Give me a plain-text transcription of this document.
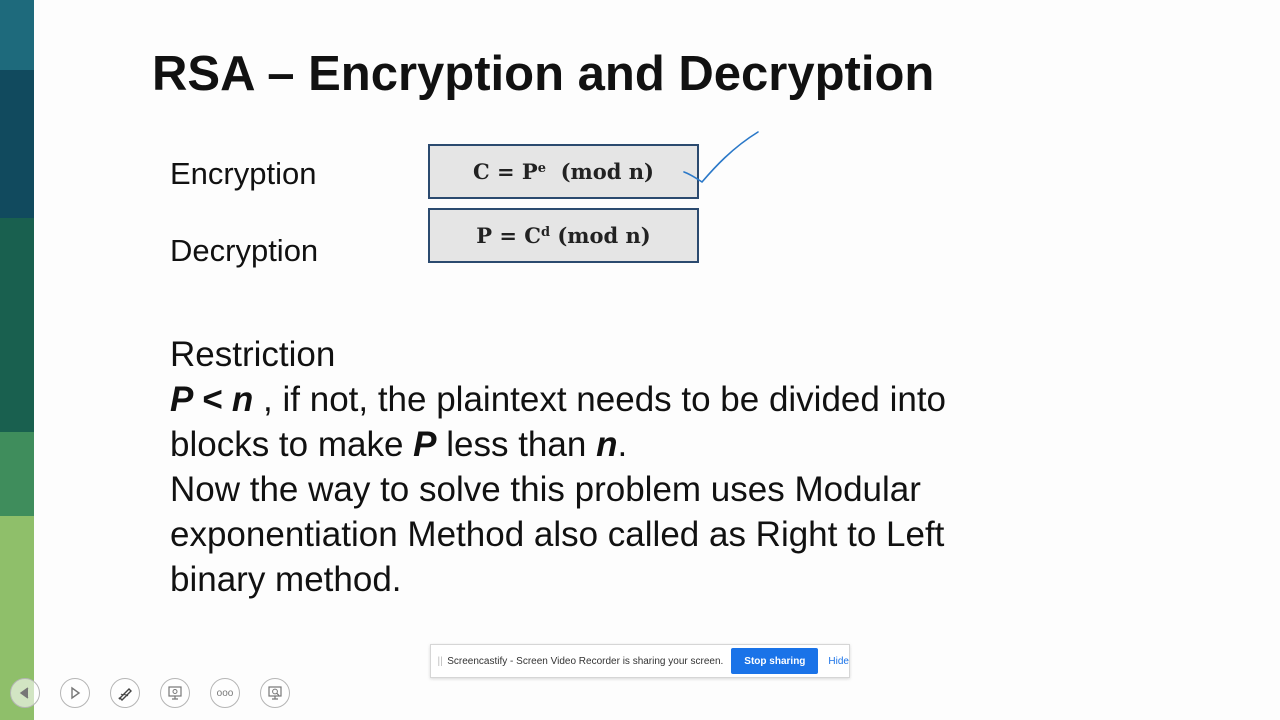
RSA – Encryption and Decryption
Encryption
Decryption
$C = P^e$
(mod n)
$P = C^d$
(mod n)
Restriction
P < n , if not, the plaintext needs to be divided into
blocks to make P less than n.
Now the way to solve this problem uses Modular
exponentiation Method also called as Right to Left
binary method.
|| Screencastify - Screen Video Recorder is sharing your screen.	Stop sharing	Hide
ooo
